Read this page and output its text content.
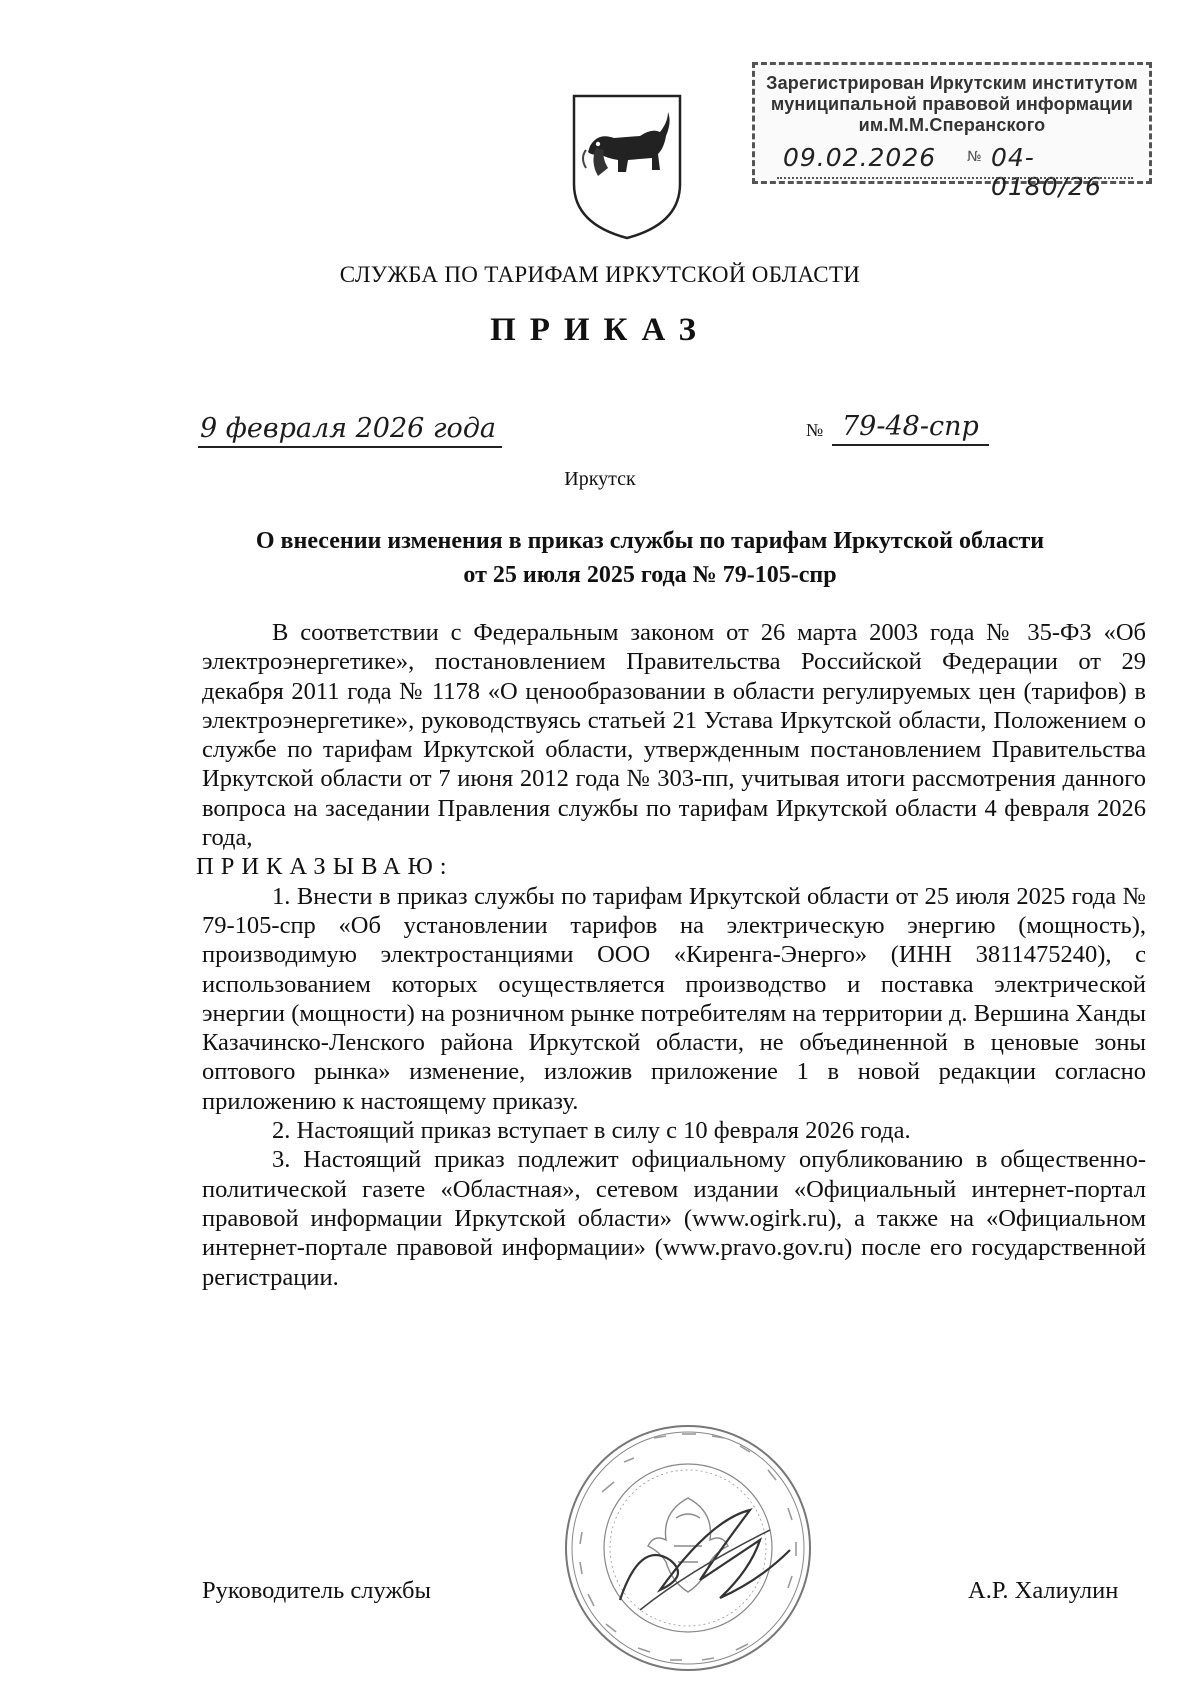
Зарегистрирован Иркутским институтом
муниципальной правовой информации
им.М.М.Сперанского
09.02.2026 № 04-0180/26
СЛУЖБА ПО ТАРИФАМ ИРКУТСКОЙ ОБЛАСТИ
ПРИКАЗ
9 февраля 2026 года	№ 79-48-спр
Иркутск
О внесении изменения в приказ службы по тарифам Иркутской области
от 25 июля 2025 года № 79-105-спр

В соответствии с Федеральным законом от 26 марта 2003 года № 35-ФЗ «Об электроэнергетике», постановлением Правительства Российской Федерации от 29 декабря 2011 года № 1178 «О ценообразовании в области регулируемых цен (тарифов) в электроэнергетике», руководствуясь статьей 21 Устава Иркутской области, Положением о службе по тарифам Иркутской области, утвержденным постановлением Правительства Иркутской области от 7 июня 2012 года № 303-пп, учитывая итоги рассмотрения данного вопроса на заседании Правления службы по тарифам Иркутской области 4 февраля 2026 года,

ПРИКАЗЫВАЮ:

1. Внести в приказ службы по тарифам Иркутской области от 25 июля 2025 года № 79-105-спр «Об установлении тарифов на электрическую энергию (мощность), производимую электростанциями ООО «Киренга-Энерго» (ИНН 3811475240), с использованием которых осуществляется производство и поставка электрической энергии (мощности) на розничном рынке потребителям на территории д. Вершина Ханды Казачинско-Ленского района Иркутской области, не объединенной в ценовые зоны оптового рынка» изменение, изложив приложение 1 в новой редакции согласно приложению к настоящему приказу.

2. Настоящий приказ вступает в силу с 10 февраля 2026 года.

3. Настоящий приказ подлежит официальному опубликованию в общественно-политической газете «Областная», сетевом издании «Официальный интернет-портал правовой информации Иркутской области» (www.ogirk.ru), а также на «Официальном интернет-портале правовой информации» (www.pravo.gov.ru) после его государственной регистрации.

Руководитель службы	А.Р. Халиулин
